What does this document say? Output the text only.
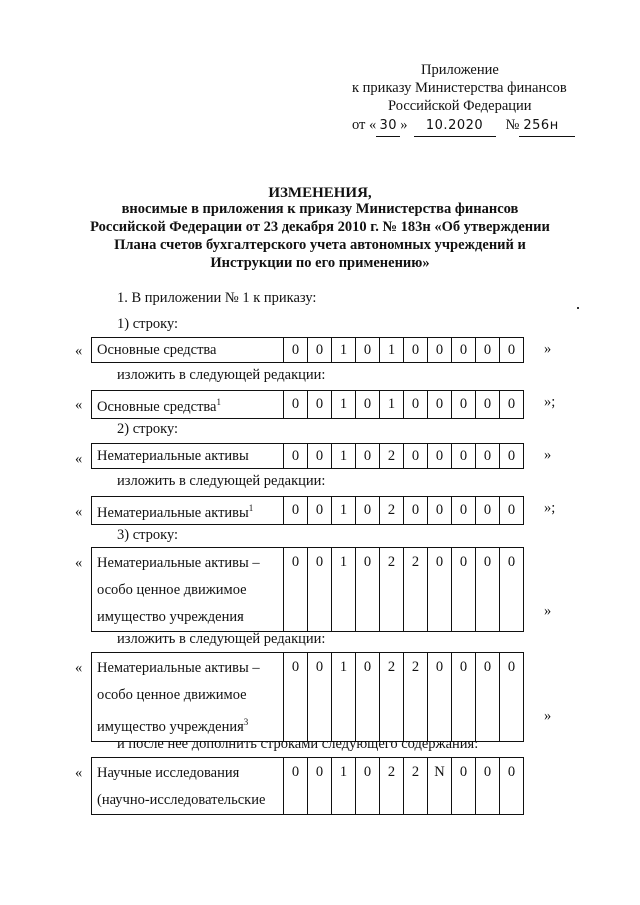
Приложение
к приказу Министерства финансов
Российской Федерации
от « 30 » 10.2020 № 256н
ИЗМЕНЕНИЯ,
вносимые в приложения к приказу Министерства финансов
Российской Федерации от 23 декабря 2010 г. № 183н «Об утверждении
Плана счетов бухгалтерского учета автономных учреждений и
Инструкции по его применению»
1. В приложении № 1 к приказу:
1) строку:
« Основные средства	0	0	1	0	1	0	0	0	0	0 »
изложить в следующей редакции:
« Основные средства$^1$	0	0	1	0	1	0	0	0	0	0 »;
2) строку:
« Нематериальные активы	0	0	1	0	2	0	0	0	0	0 »
изложить в следующей редакции:
« Нематериальные активы$^1$	0	0	1	0	2	0	0	0	0	0 »;
3) строку:
« Нематериальные активы –
особо ценное движимое
имущество учреждения	0	0	1	0	2	2	0	0	0	0
»
изложить в следующей редакции:
« Нематериальные активы –
особо ценное движимое
имущество учреждения$^3$	0	0	1	0	2	2	0	0	0	0
»
и после нее дополнить строками следующего содержания:
« Научные исследования
(научно-исследовательские	0	0	1	0	2	2	N	0	0	0
